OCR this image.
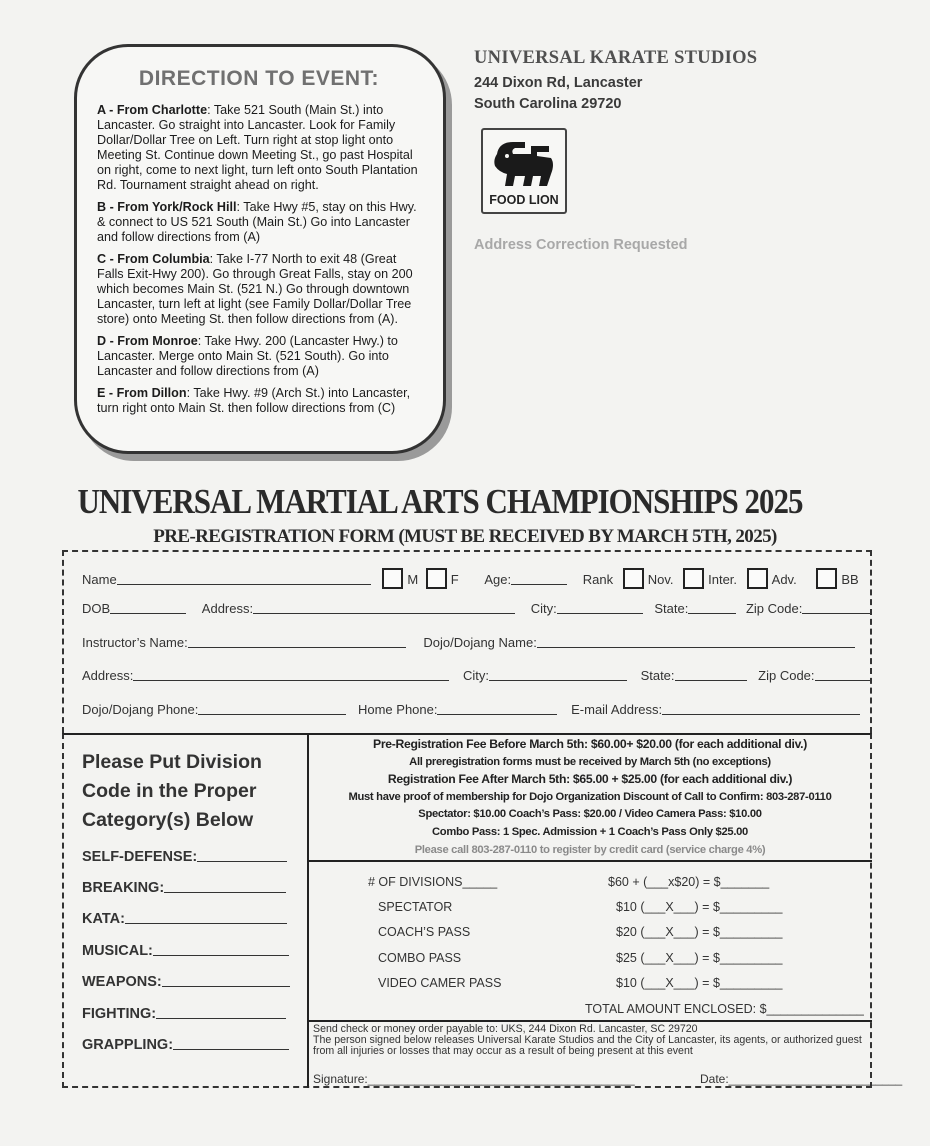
DIRECTION TO EVENT:
A - From Charlotte: Take 521 South (Main St.) into Lancaster. Go straight into Lancaster. Look for Family Dollar/Dollar Tree on Left. Turn right at stop light onto Meeting St. Continue down Meeting St., go past Hospital on right, come to next light, turn left onto South Plantation Rd. Tournament straight ahead on right.
B - From York/Rock Hill: Take Hwy #5, stay on this Hwy. & connect to US 521 South (Main St.) Go into Lancaster and follow directions from (A)
C - From Columbia: Take I-77 North to exit 48 (Great Falls Exit-Hwy 200). Go through Great Falls, stay on 200 which becomes Main St. (521 N.) Go through downtown Lancaster, turn left at light (see Family Dollar/Dollar Tree store) onto Meeting St. then follow directions from (A).
D - From Monroe: Take Hwy. 200 (Lancaster Hwy.) to Lancaster. Merge onto Main St. (521 South). Go into Lancaster and follow directions from (A)
E - From Dillon: Take Hwy. #9 (Arch St.) into Lancaster, turn right onto Main St. then follow directions from (C)
UNIVERSAL KARATE STUDIOS
244 Dixon Rd, Lancaster
South Carolina 29720
FOOD LION
Address Correction Requested
UNIVERSAL MARTIAL ARTS CHAMPIONSHIPS 2025
PRE-REGISTRATION FORM (MUST BE RECEIVED BY MARCH 5TH, 2025)
Name	M	F Age:	Rank	Nov.	Inter.	Adv.	BB
DOB	Address:	City:	State:	Zip Code:
Instructor’s Name:	Dojo/Dojang Name:
Address:	City:	State:	Zip Code:
Dojo/Dojang Phone:	Home Phone:	E-mail Address:
Please Put Division
Code in the Proper
Category(s) Below
SELF-DEFENSE:
BREAKING:
KATA:
MUSICAL:
WEAPONS:
FIGHTING:
GRAPPLING:
Pre-Registration Fee Before March 5th: $60.00+ $20.00 (for each additional div.)
All preregistration forms must be received by March 5th (no exceptions)
Registration Fee After March 5th: $65.00 + $25.00 (for each additional div.)
Must have proof of membership for Dojo Organization Discount of Call to Confirm: 803-287-0110
Spectator: $10.00 Coach’s Pass: $20.00 / Video Camera Pass: $10.00
Combo Pass: 1 Spec. Admission + 1 Coach’s Pass Only $25.00
Please call 803-287-0110 to register by credit card (service charge 4%)
# OF DIVISIONS_____	$60 + (___x$20) = $_______
SPECTATOR	$10 (___X___) = $_________
COACH’S PASS	$20 (___X___) = $_________
COMBO PASS	$25 (___X___) = $_________
VIDEO CAMER PASS	$10 (___X___) = $_________
TOTAL AMOUNT ENCLOSED: $______________
Send check or money order payable to: UKS, 244 Dixon Rd. Lancaster, SC 29720
The person signed below releases Universal Karate Studios and the City of Lancaster, its agents, or authorized guest from all injuries or losses that may occur as a result of being present at this event
Signature:________________________________________	Date:__________________________
